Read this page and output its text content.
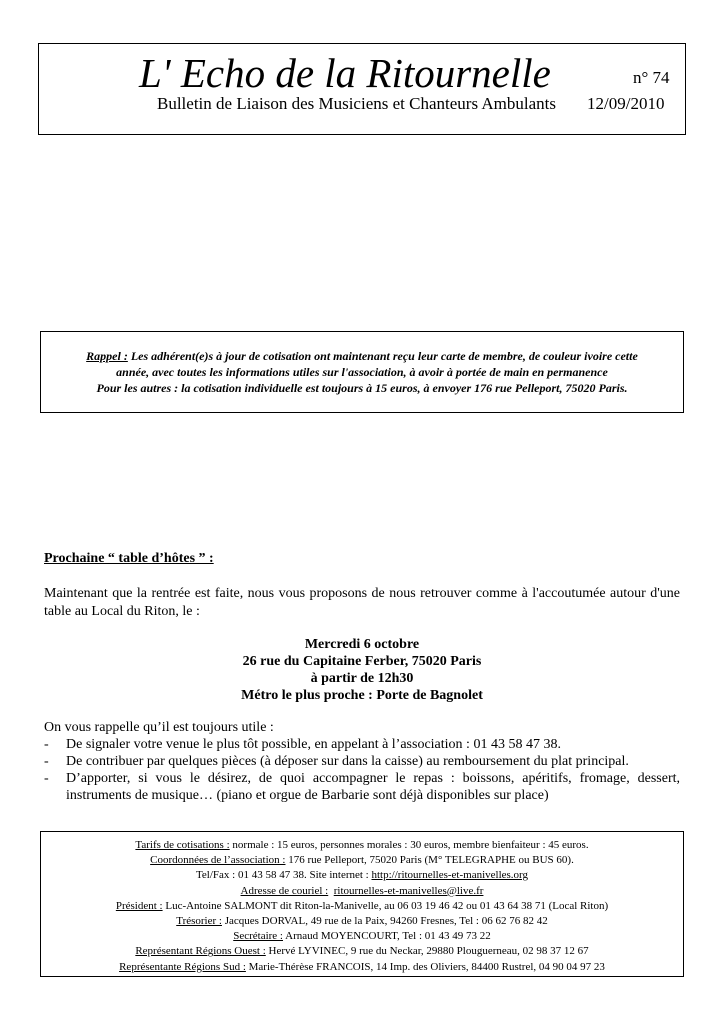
L' Echo de la Ritournelle	n° 74
Bulletin de Liaison des Musiciens et Chanteurs Ambulants 12/09/2010
Rappel : Les adhérent(e)s à jour de cotisation ont maintenant reçu leur carte de membre, de couleur ivoire cette
année, avec toutes les informations utiles sur l'association, à avoir à portée de main en permanence
Pour les autres : la cotisation individuelle est toujours à 15 euros, à envoyer 176 rue Pelleport, 75020 Paris.
Prochaine “ table d’hôtes ” :
Maintenant que la rentrée est faite, nous vous proposons de nous retrouver comme à l'accoutumée autour d'une table au Local du Riton, le :
Mercredi 6 octobre
26 rue du Capitaine Ferber, 75020 Paris
à partir de 12h30
Métro le plus proche : Porte de Bagnolet
On vous rappelle qu’il est toujours utile :
- De signaler votre venue le plus tôt possible, en appelant à l’association : 01 43 58 47 38.
- De contribuer par quelques pièces (à déposer sur dans la caisse) au remboursement du plat principal.
- D’apporter, si vous le désirez, de quoi accompagner le repas : boissons, apéritifs, fromage, dessert, instruments de musique… (piano et orgue de Barbarie sont déjà disponibles sur place)
Tarifs de cotisations : normale : 15 euros, personnes morales : 30 euros, membre bienfaiteur : 45 euros.
Coordonnées de l’association : 176 rue Pelleport, 75020 Paris (M° TELEGRAPHE ou BUS 60).
Tel/Fax : 01 43 58 47 38. Site internet : http://ritournelles-et-manivelles.org
Adresse de couriel : ritournelles-et-manivelles@live.fr
Président : Luc-Antoine SALMONT dit Riton-la-Manivelle, au 06 03 19 46 42 ou 01 43 64 38 71 (Local Riton)
Trésorier : Jacques DORVAL, 49 rue de la Paix, 94260 Fresnes, Tel : 06 62 76 82 42
Secrétaire : Arnaud MOYENCOURT, Tel : 01 43 49 73 22
Représentant Régions Ouest : Hervé LYVINEC, 9 rue du Neckar, 29880 Plouguerneau, 02 98 37 12 67
Représentante Régions Sud : Marie-Thérèse FRANCOIS, 14 Imp. des Oliviers, 84400 Rustrel, 04 90 04 97 23
